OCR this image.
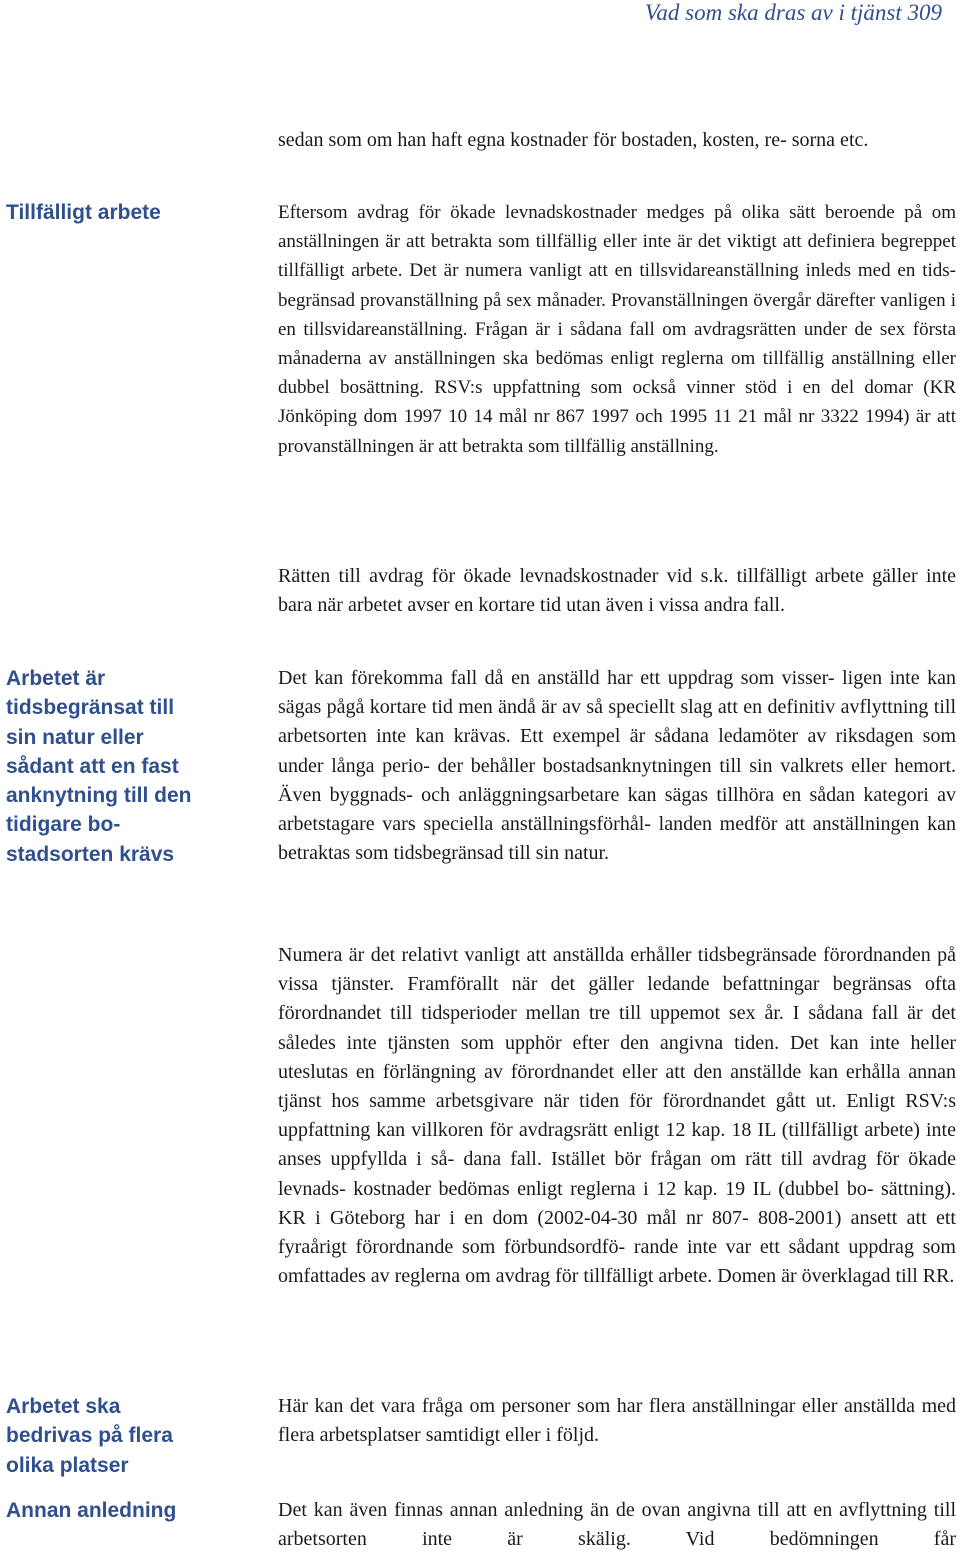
Vad som ska dras av i tjänst 309
Tillfälligt arbete
Arbetet är tidsbegränsat till sin natur eller sådant att en fast anknytning till den tidigare bo- stadsorten krävs
Arbetet ska bedrivas på flera olika platser
Annan anledning

sedan som om han haft egna kostnader för bostaden, kosten, re- sorna etc.

Eftersom avdrag för ökade levnadskostnader medges på olika sätt beroende på om anställningen är att betrakta som tillfällig eller inte är det viktigt att definiera begreppet tillfälligt arbete. Det är numera vanligt att en tillsvidareanställning inleds med en tids- begränsad provanställning på sex månader. Provanställningen övergår därefter vanligen i en tillsvidareanställning. Frågan är i sådana fall om avdragsrätten under de sex första månaderna av anställningen ska bedömas enligt reglerna om tillfällig anställning eller dubbel bosättning. RSV:s uppfattning som också vinner stöd i en del domar (KR Jönköping dom 1997 10 14 mål nr 867 1997 och 1995 11 21 mål nr 3322 1994) är att provanställningen är att betrakta som tillfällig anställning.

Rätten till avdrag för ökade levnadskostnader vid s.k. tillfälligt arbete gäller inte bara när arbetet avser en kortare tid utan även i vissa andra fall.

Det kan förekomma fall då en anställd har ett uppdrag som visser- ligen inte kan sägas pågå kortare tid men ändå är av så speciellt slag att en definitiv avflyttning till arbetsorten inte kan krävas. Ett exempel är sådana ledamöter av riksdagen som under långa perio- der behåller bostadsanknytningen till sin valkrets eller hemort. Även byggnads- och anläggningsarbetare kan sägas tillhöra en sådan kategori av arbetstagare vars speciella anställningsförhål- landen medför att anställningen kan betraktas som tidsbegränsad till sin natur.

Numera är det relativt vanligt att anställda erhåller tidsbegränsade förordnanden på vissa tjänster. Framförallt när det gäller ledande befattningar begränsas ofta förordnandet till tidsperioder mellan tre till uppemot sex år. I sådana fall är det således inte tjänsten som upphör efter den angivna tiden. Det kan inte heller uteslutas en förlängning av förordnandet eller att den anställde kan erhålla annan tjänst hos samme arbetsgivare när tiden för förordnandet gått ut. Enligt RSV:s uppfattning kan villkoren för avdragsrätt enligt 12 kap. 18 IL (tillfälligt arbete) inte anses uppfyllda i så- dana fall. Istället bör frågan om rätt till avdrag för ökade levnads- kostnader bedömas enligt reglerna i 12 kap. 19 IL (dubbel bo- sättning). KR i Göteborg har i en dom (2002-04-30 mål nr 807- 808-2001) ansett att ett fyraårigt förordnande som förbundsordfö- rande inte var ett sådant uppdrag som omfattades av reglerna om avdrag för tillfälligt arbete. Domen är överklagad till RR.

Här kan det vara fråga om personer som har flera anställningar eller anställda med flera arbetsplatser samtidigt eller i följd.

Det kan även finnas annan anledning än de ovan angivna till att en avflyttning till arbetsorten inte är skälig. Vid bedömningen får
